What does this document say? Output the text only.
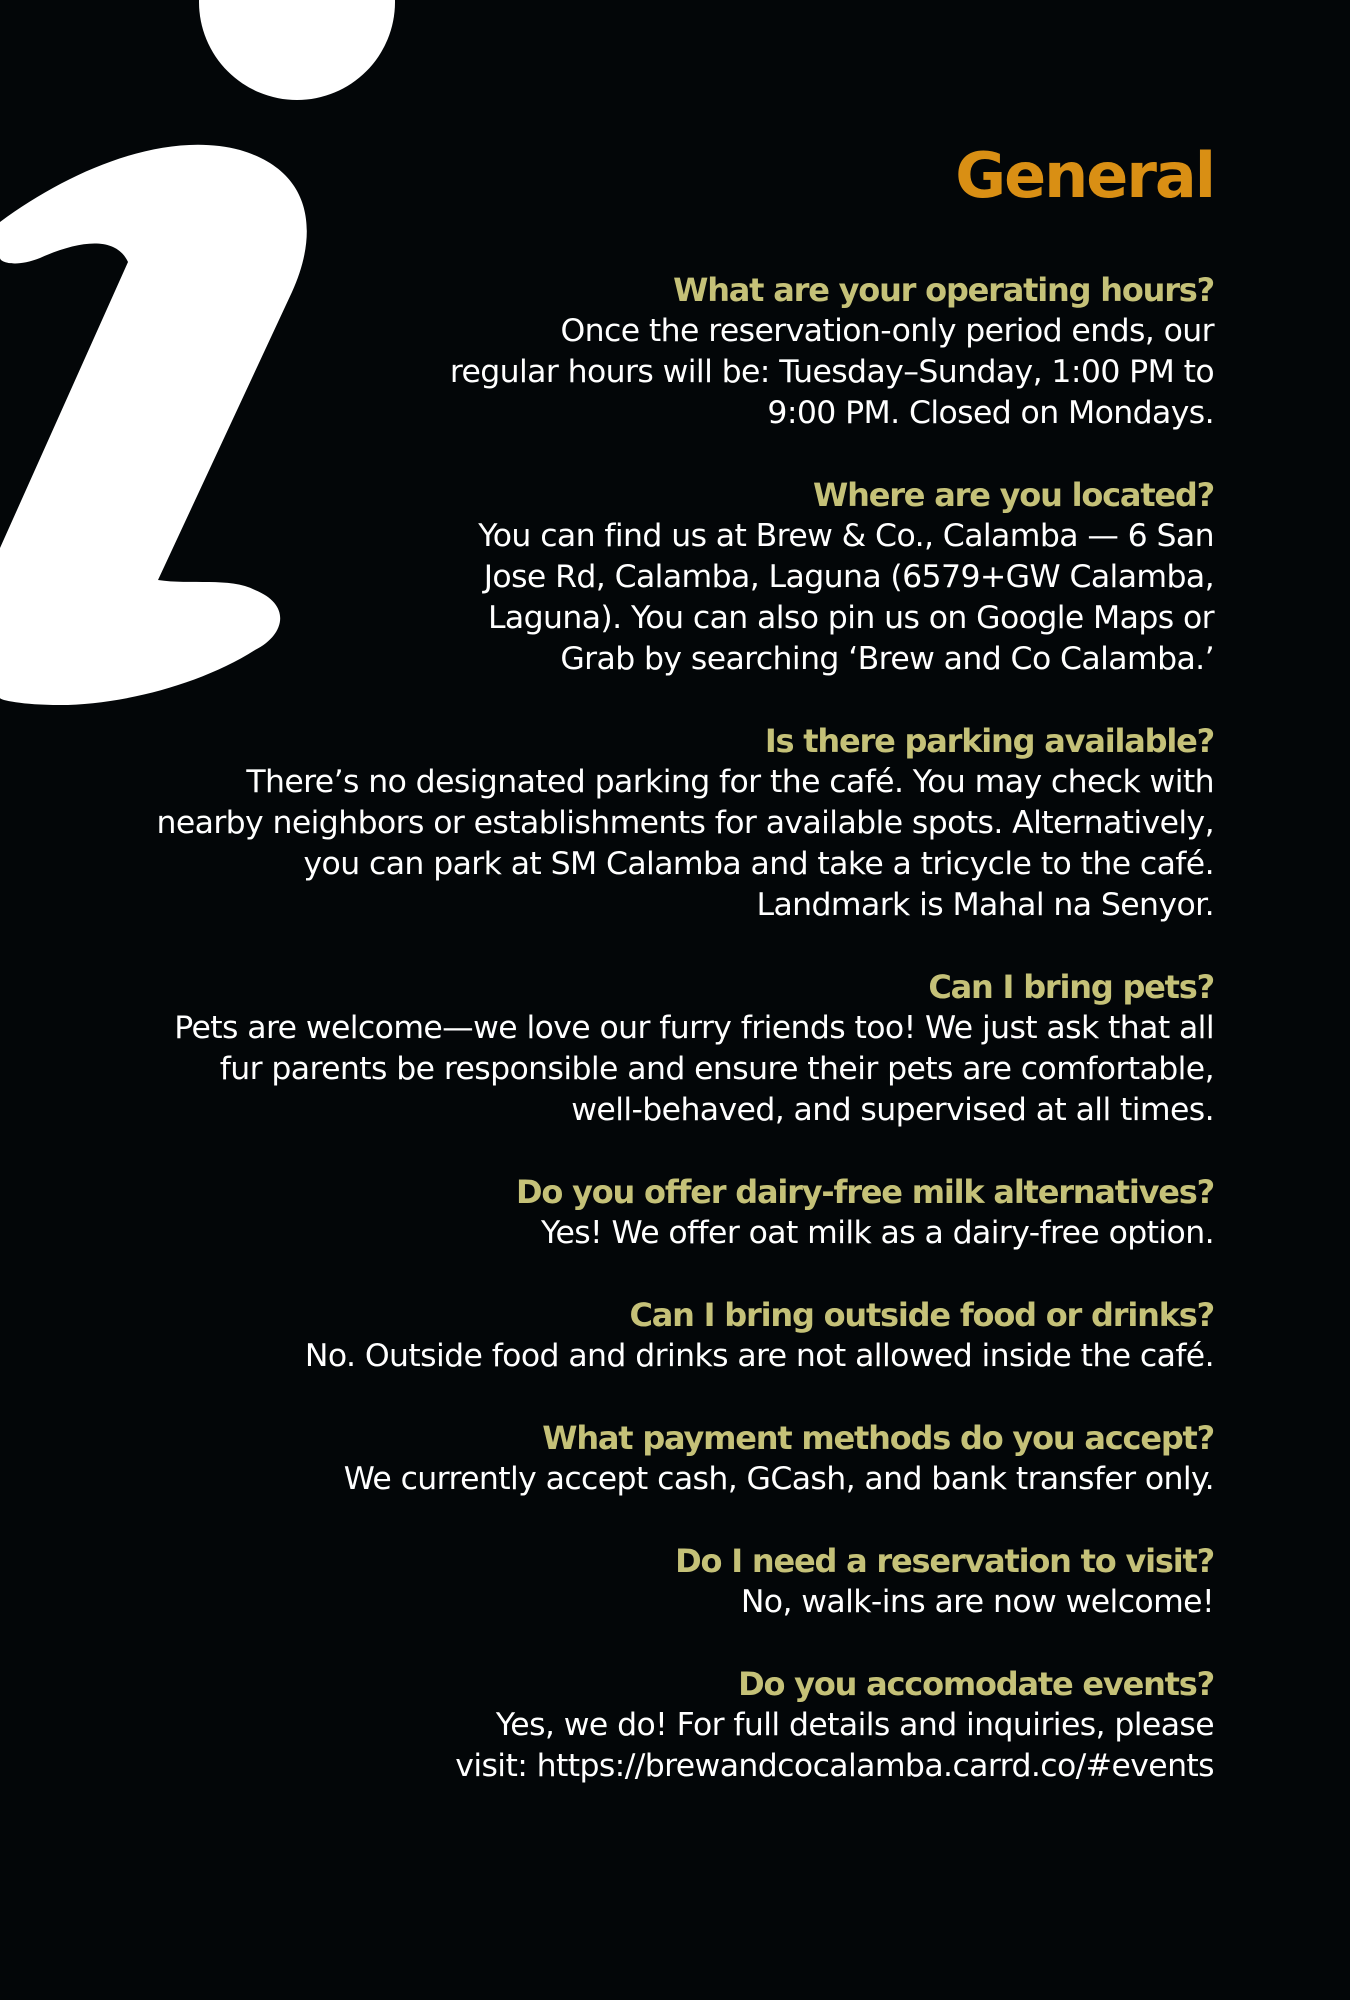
General

What are your operating hours?

Once the reservation-only period ends, our regular hours will be: Tuesday–Sunday, 1:00 PM to 9:00 PM. Closed on Mondays.

Where are you located?

You can find us at Brew & Co., Calamba — 6 San Jose Rd, Calamba, Laguna (6579+GW Calamba, Laguna). You can also pin us on Google Maps or Grab by searching ‘Brew and Co Calamba.’

Is there parking available?

There’s no designated parking for the café. You may check with nearby neighbors or establishments for available spots. Alternatively, you can park at SM Calamba and take a tricycle to the café. Landmark is Mahal na Senyor.

Can I bring pets?

Pets are welcome—we love our furry friends too! We just ask that all fur parents be responsible and ensure their pets are comfortable, well-behaved, and supervised at all times.

Do you offer dairy-free milk alternatives?

Yes! We offer oat milk as a dairy-free option.

Can I bring outside food or drinks?

No. Outside food and drinks are not allowed inside the café.

What payment methods do you accept?

We currently accept cash, GCash, and bank transfer only.

Do I need a reservation to visit?

No, walk-ins are now welcome!

Do you accomodate events?

Yes, we do! For full details and inquiries, please visit: https://brewandcocalamba.carrd.co/#events
